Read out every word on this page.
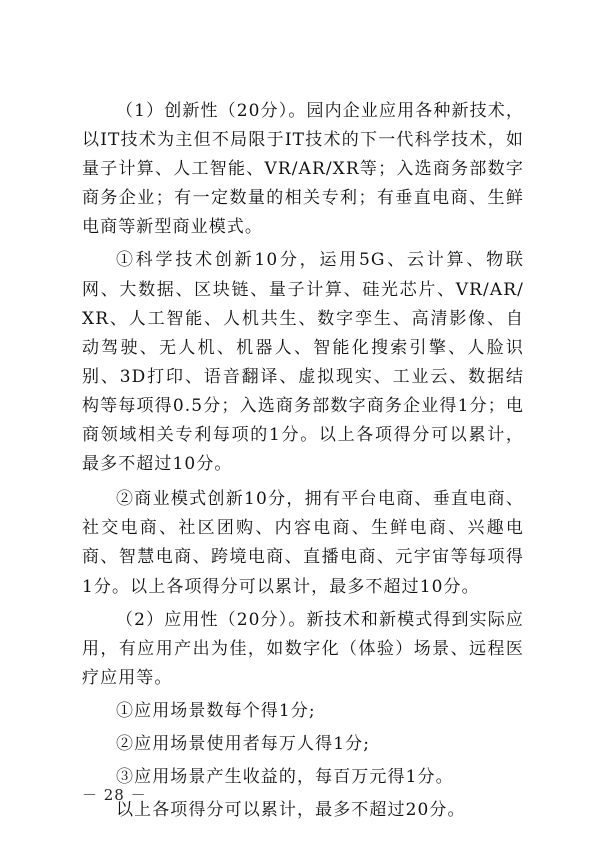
（1）创新性（20分）。园内企业应用各种新技术，以IT技术为主但不局限于IT技术的下一代科学技术，如量子计算、人工智能、VR/AR/XR等；入选商务部数字商务企业；有一定数量的相关专利；有垂直电商、生鲜电商等新型商业模式。

①科学技术创新10分，运用5G、云计算、物联网、大数据、区块链、量子计算、硅光芯片、VR/AR/XR、人工智能、人机共生、数字孪生、高清影像、自动驾驶、无人机、机器人、智能化搜索引擎、人脸识别、3D打印、语音翻译、虚拟现实、工业云、数据结构等每项得0.5分；入选商务部数字商务企业得1分；电商领域相关专利每项的1分。以上各项得分可以累计，最多不超过10分。

②商业模式创新10分，拥有平台电商、垂直电商、社交电商、社区团购、内容电商、生鲜电商、兴趣电商、智慧电商、跨境电商、直播电商、元宇宙等每项得1分。以上各项得分可以累计，最多不超过10分。

（2）应用性（20分）。新技术和新模式得到实际应用，有应用产出为佳，如数字化（体验）场景、远程医疗应用等。

①应用场景数每个得1分;

②应用场景使用者每万人得1分;

③应用场景产生收益的，每百万元得1分。

以上各项得分可以累计，最多不超过20分。

－ 28 －
